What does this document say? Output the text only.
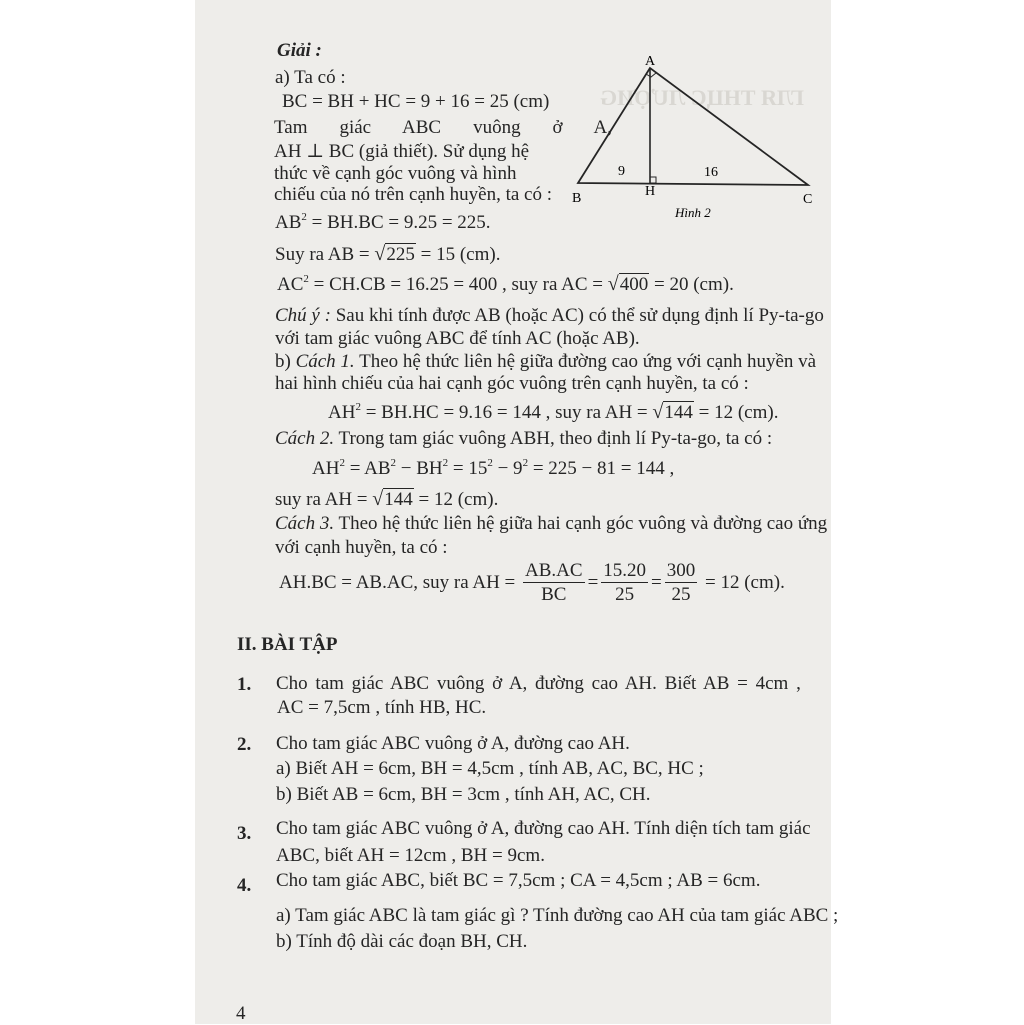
ГЛЯ ТНЦС ЛƯỢИG
Giải :
a) Ta có :
BC = BH + HC = 9 + 16 = 25 (cm)
Tam giác ABC vuông ở A,
AH ⊥ BC (giả thiết). Sử dụng hệ
thức về cạnh góc vuông và hình
chiếu của nó trên cạnh huyền, ta có :
A
B	H
C
9	16
Hình 2
$AB^2 = BH.BC = 9.25 = 225$.
Suy ra AB = √225 = 15 (cm).
$AC^2 = CH.CB = 16.25 = 400$ , suy ra AC = √400 = 20 (cm).
Chú ý : Sau khi tính được AB (hoặc AC) có thể sử dụng định lí Py-ta-go
với tam giác vuông ABC để tính AC (hoặc AB).
b) Cách 1. Theo hệ thức liên hệ giữa đường cao ứng với cạnh huyền và
hai hình chiếu của hai cạnh góc vuông trên cạnh huyền, ta có :
$AH^2 = BH.HC = 9.16 = 144$ , suy ra AH = √144 = 12 (cm).
Cách 2. Trong tam giác vuông ABH, theo định lí Py-ta-go, ta có :
$AH^2 = AB^2 - BH^2 = 15^2 - 9^2 = 225 - 81 = 144$ ,
suy ra AH = √144 = 12 (cm).
Cách 3. Theo hệ thức liên hệ giữa hai cạnh góc vuông và đường cao ứng
với cạnh huyền, ta có :
AH.BC = AB.AC, suy ra AH = $\frac{AB.AC}{BC} = \frac{15.20}{25} = \frac{300}{25} = 12$ (cm).
II. BÀI TẬP
1. Cho tam giác ABC vuông ở A, đường cao AH. Biết AB = 4cm ,
AC = 7,5cm , tính HB, HC.
2. Cho tam giác ABC vuông ở A, đường cao AH.
a) Biết AH = 6cm, BH = 4,5cm , tính AB, AC, BC, HC ;
b) Biết AB = 6cm, BH = 3cm , tính AH, AC, CH.
3. Cho tam giác ABC vuông ở A, đường cao AH. Tính diện tích tam giác
ABC, biết AH = 12cm , BH = 9cm.
4. Cho tam giác ABC, biết BC = 7,5cm ; CA = 4,5cm ; AB = 6cm.
a) Tam giác ABC là tam giác gì ? Tính đường cao AH của tam giác ABC ;
b) Tính độ dài các đoạn BH, CH.
4
